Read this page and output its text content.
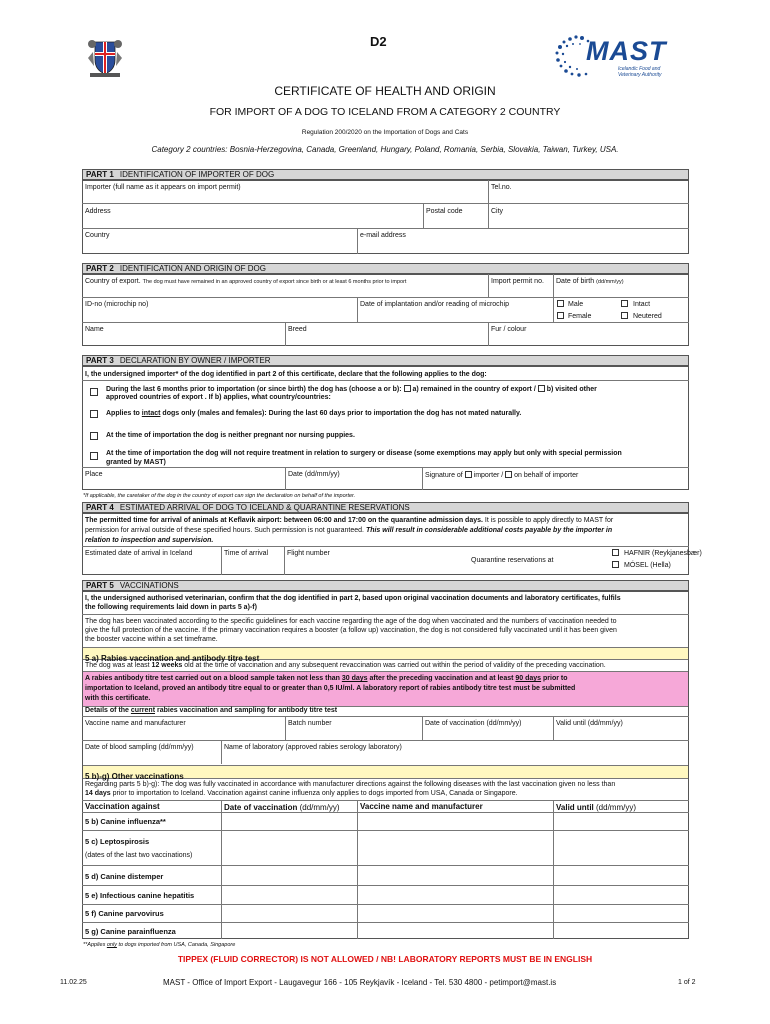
D2	MAST
Icelandic Food and
Veterinary Authority
CERTIFICATE OF HEALTH AND ORIGIN
FOR IMPORT OF A DOG TO ICELAND FROM A CATEGORY 2 COUNTRY
Regulation 200/2020 on the Importation of Dogs and Cats
Category 2 countries: Bosnia-Herzegovina, Canada, Greenland, Hungary, Poland, Romania, Serbia, Slovakia, Taiwan, Turkey, USA.
PART 1 IDENTIFICATION OF IMPORTER OF DOG
Importer (full name as it appears on import permit)	Tel.no.
Address	Postal code	City
Country	e-mail address
PART 2 IDENTIFICATION AND ORIGIN OF DOG
Country of export. The dog must have remained in an approved country of export since birth or at least 6 months prior to import	Import permit no. Date of birth (dd/mm/yy)
ID-no (microchip no)	Date of implantation and/or reading of microchip	Male	Intact
Female	Neutered
Name	Breed	Fur / colour
PART 3 DECLARATION BY OWNER / IMPORTER
I, the undersigned importer* of the dog identified in part 2 of this certificate, declare that the following applies to the dog:
During the last 6 months prior to importation (or since birth) the dog has (choose a or b): a) remained in the country of export / b) visited other
approved countries of export . If b) applies, what country/countries:
Applies to intact dogs only (males and females): During the last 60 days prior to importation the dog has not mated naturally.
At the time of importation the dog is neither pregnant nor nursing puppies.
At the time of importation the dog will not require treatment in relation to surgery or disease (some exemptions may apply but only with special permission
granted by MAST)
Place	Date (dd/mm/yy)	Signature of importer / on behalf of importer
*If applicable, the caretaker of the dog in the country of export can sign the declaration on behalf of the importer.
PART 4 ESTIMATED ARRIVAL OF DOG TO ICELAND & QUARANTINE RESERVATIONS
The permitted time for arrival of animals at Keflavik airport: between 06:00 and 17:00 on the quarantine admission days. It is possible to apply directly to MAST for
permission for arrival outside of these specified hours. Such permission is not guaranteed. This will result in considerable additional costs payable by the importer in
relation to inspection and supervision.
Estimated date of arrival in Iceland	Time of arrival	Flight number
Quarantine reservations at
HAFNIR (Reykjanesbær)
MÓSEL (Hella)
PART 5 VACCINATIONS
I, the undersigned authorised veterinarian, confirm that the dog identified in part 2, based upon original vaccination documents and laboratory certificates, fulfils
the following requirements laid down in parts 5 a)-f)
The dog has been vaccinated according to the specific guidelines for each vaccine regarding the age of the dog when vaccinated and the numbers of vaccination needed to
give the full protection of the vaccine. If the primary vaccination requires a booster (a follow up) vaccination, the dog is not considered fully vaccinated until it has been given
the booster vaccine within a set timeframe.
5 a) Rabies vaccination and antibody titre test
The dog was at least 12 weeks old at the time of vaccination and any subsequent revaccination was carried out within the period of validity of the preceding vaccination.
A rabies antibody titre test carried out on a blood sample taken not less than 30 days after the preceding vaccination and at least 90 days prior to
importation to Iceland, proved an antibody titre equal to or greater than 0,5 IU/ml. A laboratory report of rabies antibody titre test must be submitted
with this certificate.
Details of the current rabies vaccination and sampling for antibody titre test
Vaccine name and manufacturer	Batch number	Date of vaccination (dd/mm/yy)	Valid until (dd/mm/yy)
Date of blood sampling (dd/mm/yy)	Name of laboratory (approved rabies serology laboratory)
5 b)-g) Other vaccinations
Regarding parts 5 b)-g): The dog was fully vaccinated in accordance with manufacturer directions against the following diseases with the last vaccination given no less than
14 days prior to importation to Iceland. Vaccination against canine influenza only applies to dogs imported from USA, Canada or Singapore.
Vaccination against	Date of vaccination (dd/mm/yy)	Vaccine name and manufacturer	Valid until (dd/mm/yy)
5 b) Canine influenza**
5 c) Leptospirosis
(dates of the last two vaccinations)
5 d) Canine distemper
5 e) Infectious canine hepatitis
5 f) Canine parvovirus
5 g) Canine parainfluenza
**Applies only to dogs imported from USA, Canada, Singapore
TIPPEX (FLUID CORRECTOR) IS NOT ALLOWED / NB! LABORATORY REPORTS MUST BE IN ENGLISH
11.02.25	MAST - Office of Import Export - Laugavegur 166 - 105 Reykjavík - Iceland - Tel. 530 4800 - petimport@mast.is	1 of 2
